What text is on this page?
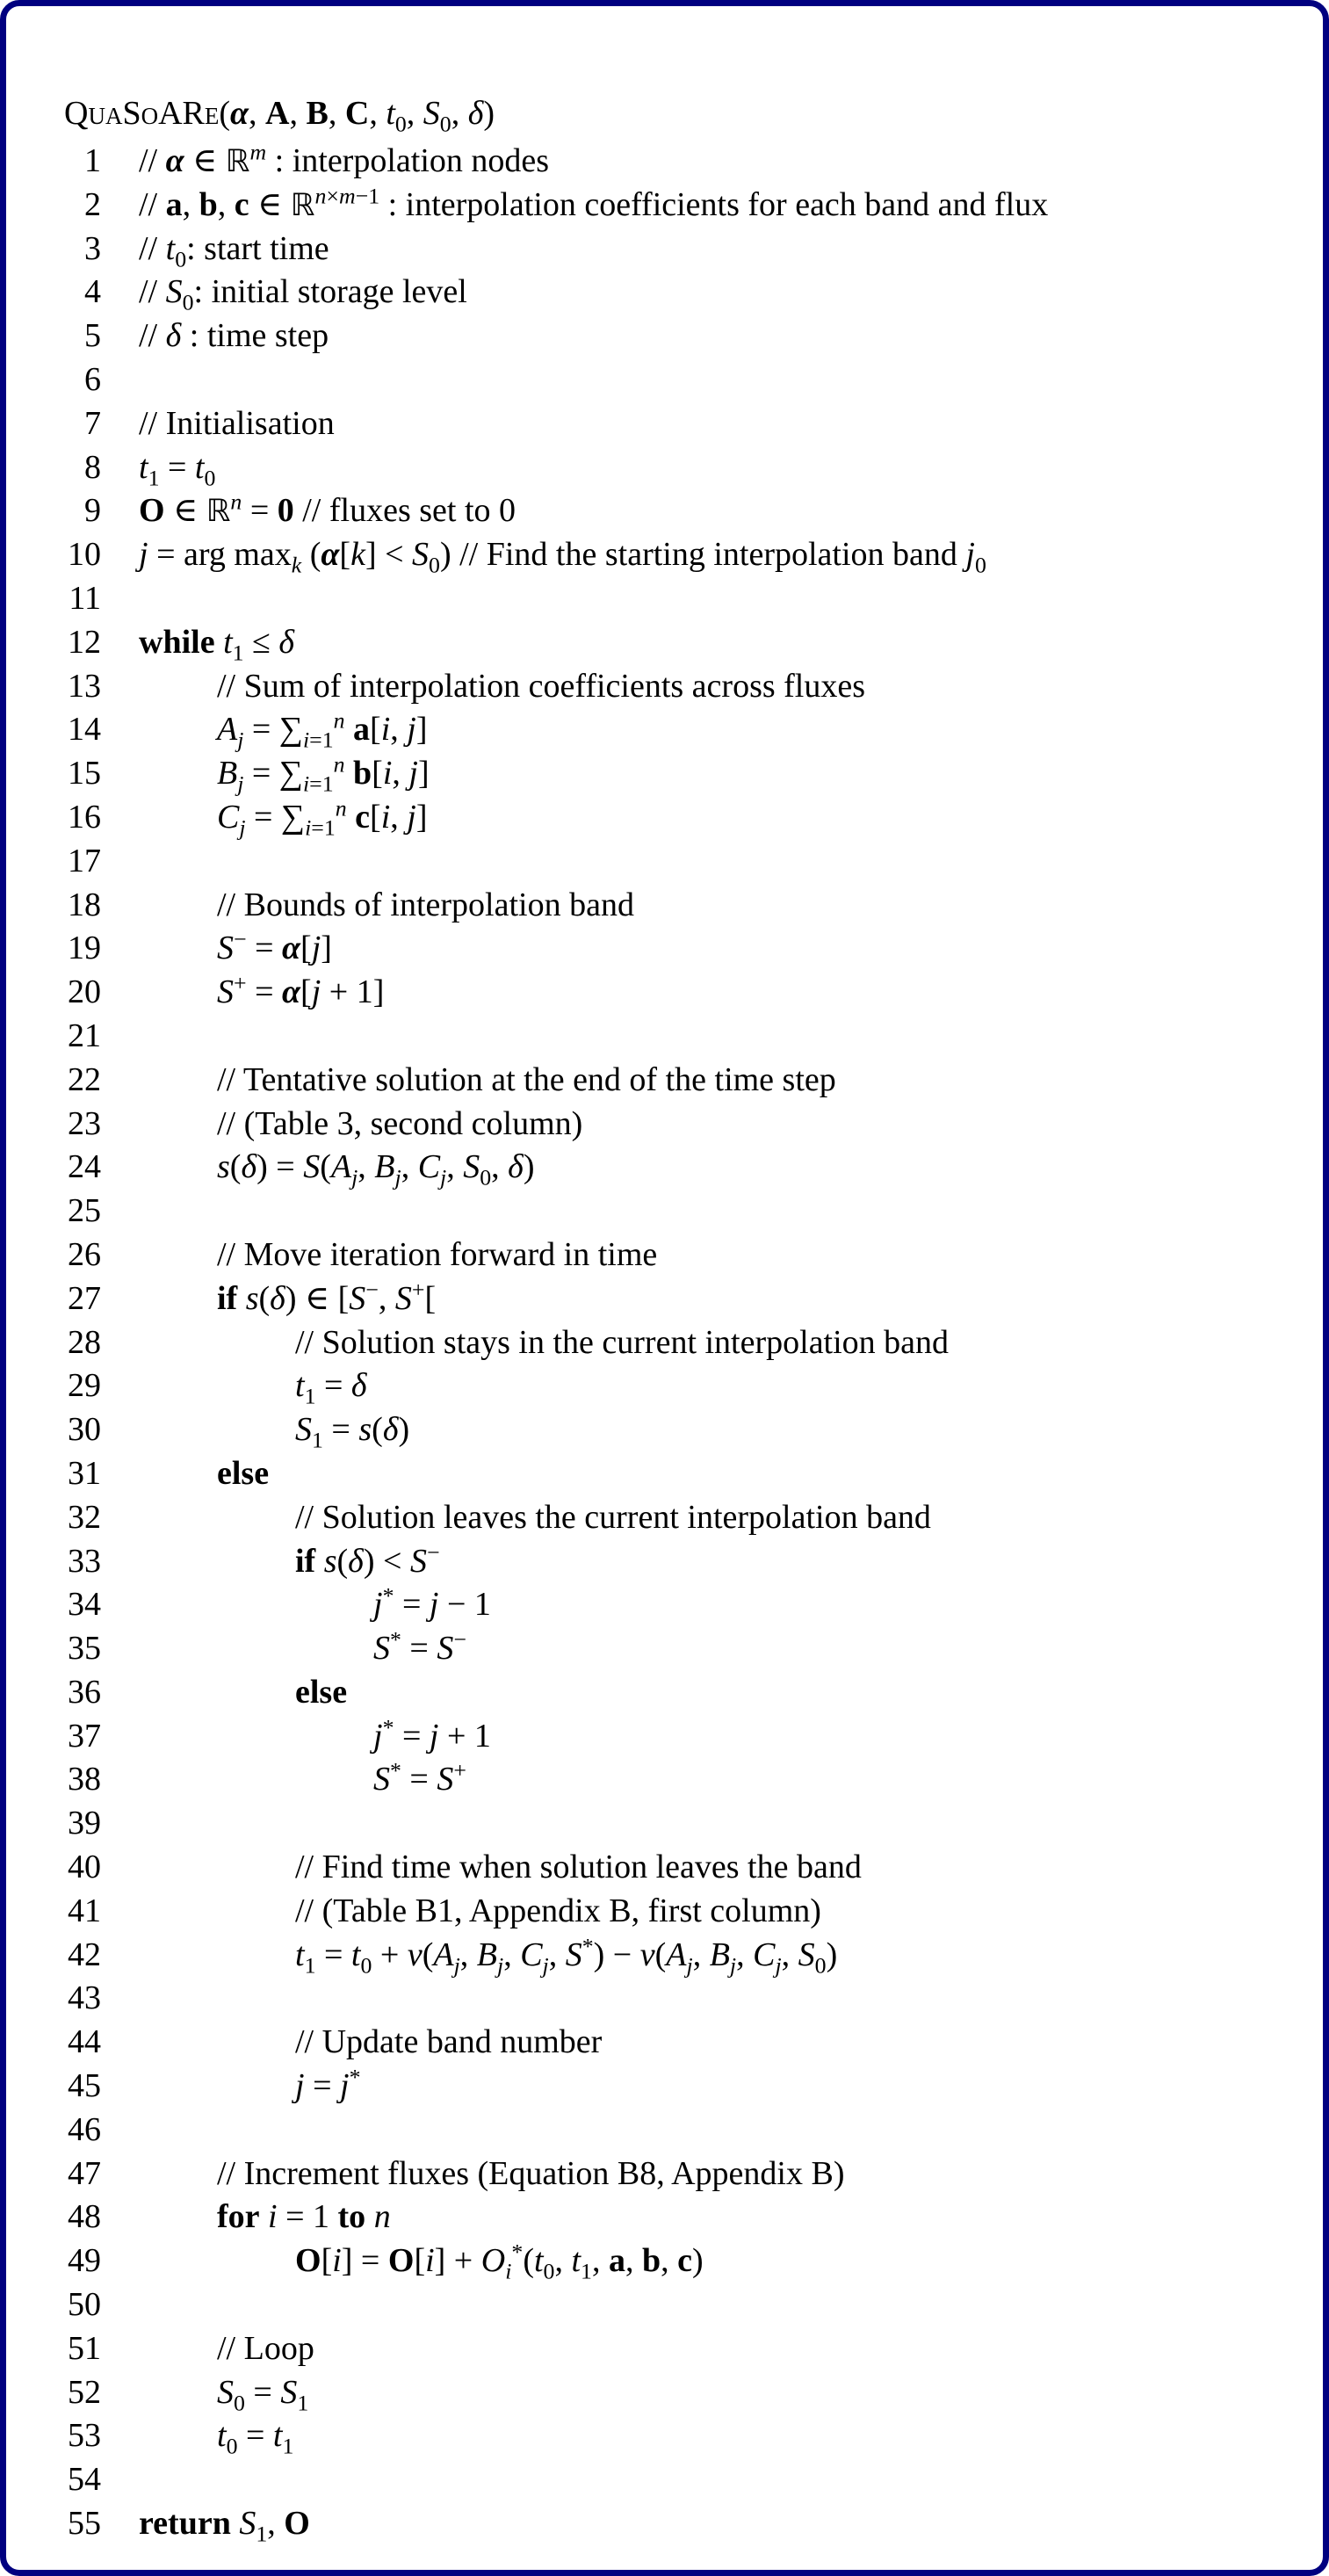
QuaSoARe(α, A, B, C, $t_0$, $S_0$, δ)
1 // α ∈ ℝ$^m$ : interpolation nodes
2 // a, b, c ∈ ℝ$^{n\times m-1}$ : interpolation coefficients for each band and flux
$3 // t_0$: start time
$4 // S_0$: initial storage level
5 // δ : time step
6
7 // Initialisation
8 $t_1 = t_0$
9 O ∈ ℝ$^n$ = 0 // fluxes set to 0
10 j = arg $\max_k (\alpha[k] < S_0)$ // Find the starting interpolation band $j_0$
11
12 while $t_1 \le \delta$
13	// Sum of interpolation coefficients across fluxes
14	$A_j = \sum_{i=1}^n$ a[i, j]
15	$B_j = \sum_{i=1}^n$ b[i, j]
16	$C_j = \sum_{i=1}^n$ c[i, j]
17
18	// Bounds of interpolation band
19	S− = α[j]
20	S+ = α[j + 1]
21
22	// Tentative solution at the end of the time step
23	// (Table 3, second column)
24	$s(\delta) = S(A_j$, $B_j$, $C_j$, $S_0$, δ)
25
26	// Move iteration forward in time
27	if s(δ) ∈ [S−, S+[
28	// Solution stays in the current interpolation band
29	$t_1 = \delta$
30	$S_1 = s(\delta)$
31	else
32	// Solution leaves the current interpolation band
33	if s(δ) < S−
34	j* = j − 1
35	S* = S−
36	else
37	j* = j + 1
38	S* = S+
39
40	// Find time when solution leaves the band
41	// (Table B1, Appendix B, first column)
42	$t_1 = t_0 + \nu(A_j$, $B_j$, $C_j$, $S^*) - \nu(A_j$, $B_j$, $C_j$, $S_0$)
43
44	// Update band number
45	j = j*
46
47	// Increment fluxes (Equation B8, Appendix B)
48	for i = 1 to n
49	$O[i] = O[i] + O_i^*(t_0$, $t_1$, a, b, c)
50
51	// Loop
52	$S_0 = S_1$
53	$t_0 = t_1$
54
55 return $S_1$, O
